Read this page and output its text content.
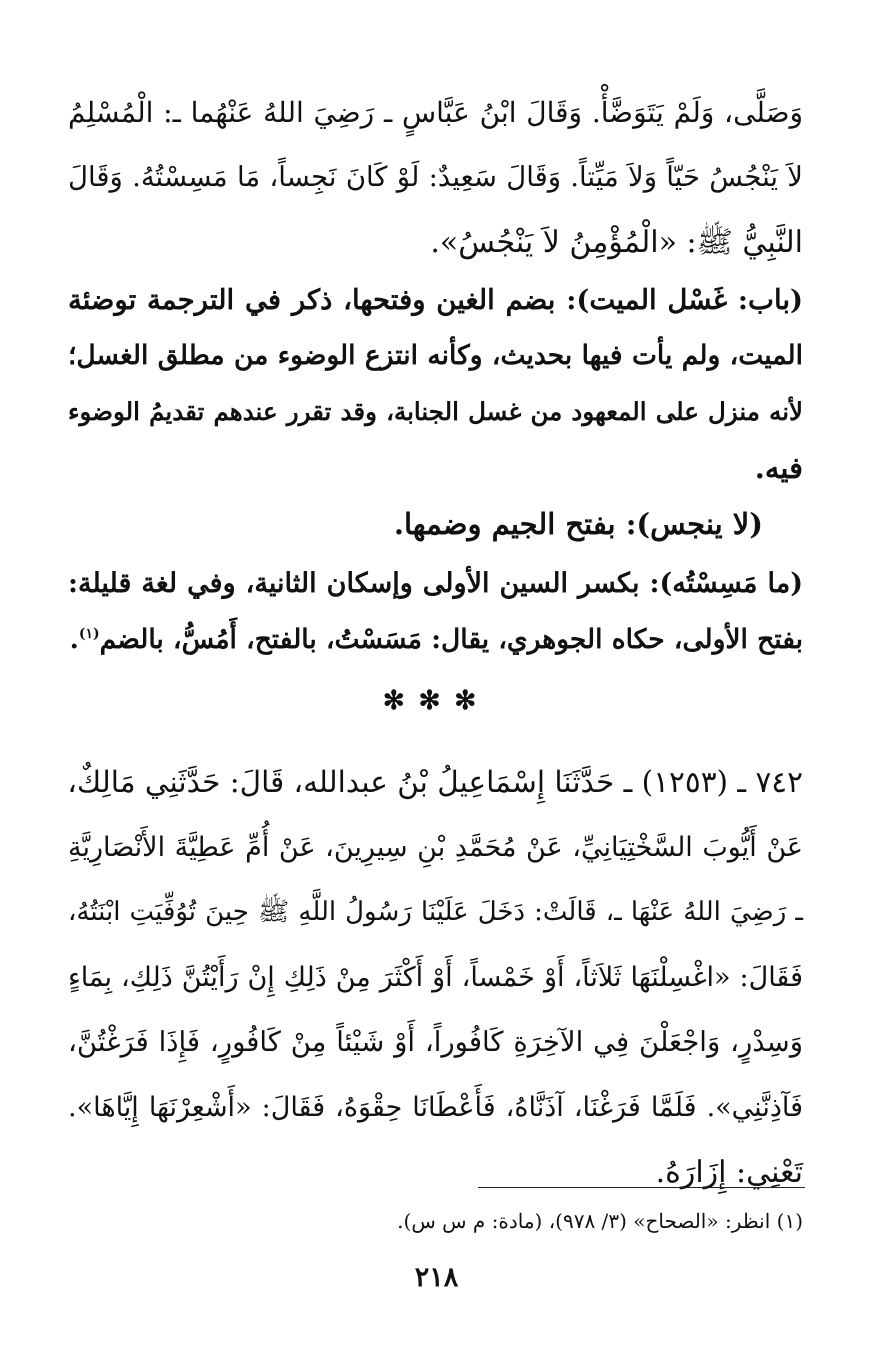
وَصَلَّى، وَلَمْ يَتَوَضَّأْ. وَقَالَ ابْنُ عَبَّاسٍ ـ رَضِيَ اللهُ عَنْهُما ـ: الْمُسْلِمُ
لاَ يَنْجُسُ حَيّاً وَلاَ مَيِّتاً. وَقَالَ سَعِيدٌ: لَوْ كَانَ نَجِساً، مَا مَسِسْتُهُ. وَقَالَ
النَّبِيُّ ﷺ: «الْمُؤْمِنُ لاَ يَنْجُسُ».
(باب: غَسْل الميت): بضم الغين وفتحها، ذكر في الترجمة توضئة
الميت، ولم يأت فيها بحديث، وكأنه انتزع الوضوء من مطلق الغسل؛
لأنه منزل على المعهود من غسل الجنابة، وقد تقرر عندهم تقديمُ الوضوء
فيه.
(لا ينجس): بفتح الجيم وضمها.
(ما مَسِسْتُه): بكسر السين الأولى وإسكان الثانية، وفي لغة قليلة:
بفتح الأولى، حكاه الجوهري، يقال: مَسَسْتُ، بالفتح، أَمُسُّ، بالضم$^{(١)}$.
✻✻✻
٧٤٢ ـ (١٢٥٣) ـ حَدَّثَنَا إِسْمَاعِيلُ بْنُ عبدالله، قَالَ: حَدَّثَنِي مَالِكٌ،
عَنْ أَيُّوبَ السَّخْتِيَانِيِّ، عَنْ مُحَمَّدِ بْنِ سِيرِينَ، عَنْ أُمِّ عَطِيَّةَ الأَنْصَارِيَّةِ
ـ رَضِيَ اللهُ عَنْهَا ـ، قَالَتْ: دَخَلَ عَلَيْنَا رَسُولُ اللَّهِ ﷺ حِينَ تُوُفِّيَتِ ابْنَتُهُ،
فَقَالَ: «اغْسِلْنَهَا ثَلاَثاً، أَوْ خَمْساً، أَوْ أَكْثَرَ مِنْ ذَلِكِ إِنْ رَأَيْتُنَّ ذَلِكِ، بِمَاءٍ
وَسِدْرٍ، وَاجْعَلْنَ فِي الآخِرَةِ كَافُوراً، أَوْ شَيْئاً مِنْ كَافُورٍ، فَإِذَا فَرَغْتُنَّ،
فَآذِنَّنِي». فَلَمَّا فَرَغْنَا، آذَنَّاهُ، فَأَعْطَانَا حِقْوَهُ، فَقَالَ: «أَشْعِرْنَهَا إِيَّاهَا».
تَعْنِي: إِزَارَهُ.
(١) انظر: «الصحاح» (٣/ ٩٧٨)، (مادة: م س س).
٢١٨
